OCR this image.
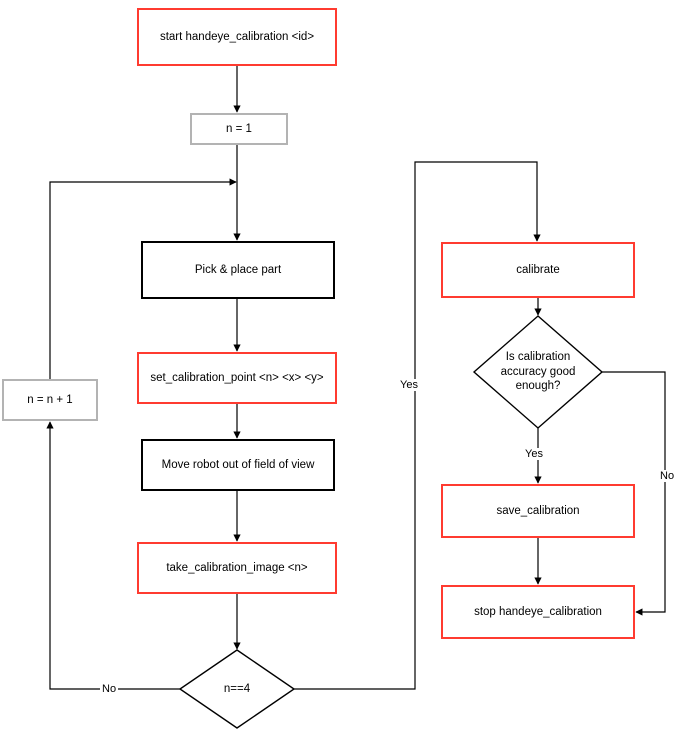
start handeye_calibration <id>
n = 1
Pick & place part
set_calibration_point <n> <x> <y>
Move robot out of field of view
take_calibration_image <n>
n = n + 1
calibrate
save_calibration
stop handeye_calibration
n==4
Is calibration accuracy good enough?
No
Yes
Yes
No
